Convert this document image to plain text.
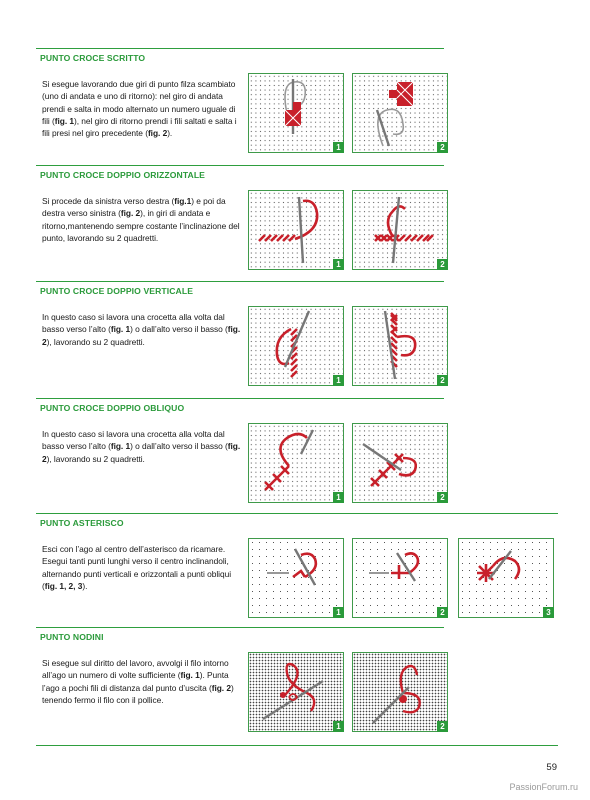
PUNTO CROCE SCRITTO
Si esegue lavorando due giri di punto filza scambiato (uno di andata e uno di ritorno): nel giro di andata prendi e salta in modo alternato un numero uguale di fili (fig. 1), nel giro di ritorno prendi i fili saltati e salta i fili presi nel giro precedente (fig. 2).
1	2
PUNTO CROCE DOPPIO ORIZZONTALE
Si procede da sinistra verso destra (fig.1) e poi da destra verso sinistra (fig. 2), in giri di andata e ritorno,mantenendo sempre costante l’inclinazione del punto, lavorando su 2 quadretti.
1	2
PUNTO CROCE DOPPIO VERTICALE
In questo caso si lavora una crocetta alla volta dal basso verso l’alto (fig. 1) o dall’alto verso il basso (fig. 2), lavorando su 2 quadretti.
1	2
PUNTO CROCE DOPPIO OBLIQUO
In questo caso si lavora una crocetta alla volta dal basso verso l’alto (fig. 1) o dall’alto verso il basso (fig. 2), lavorando su 2 quadretti.
1	2
PUNTO ASTERISCO
Esci con l’ago al centro dell’asterisco da ricamare. Esegui tanti punti lunghi verso il centro inclinandoli, alternando punti verticali e orizzontali a punti obliqui (fig. 1, 2, 3).
1	2	3
PUNTO NODINI
Si esegue sul diritto del lavoro, avvolgi il filo intorno all’ago un numero di volte sufficiente (fig. 1). Punta l’ago a pochi fili di distanza dal punto d’uscita (fig. 2) tenendo fermo il filo con il pollice.
1	2
59
PassionForum.ru
